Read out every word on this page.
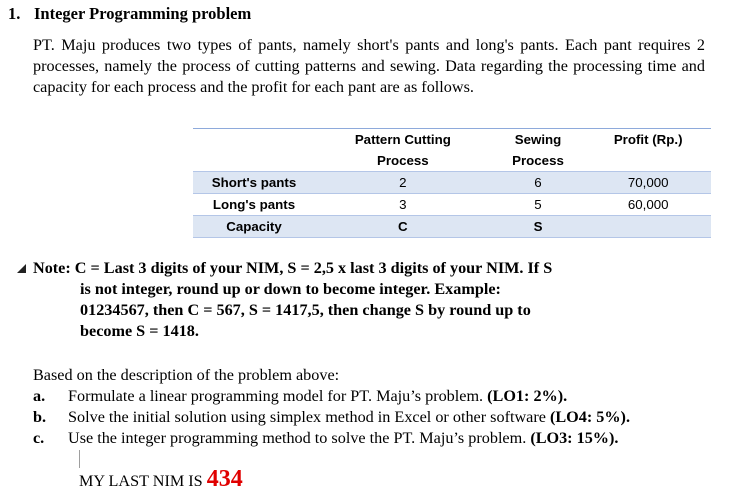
1. Integer Programming problem
PT. Maju produces two types of pants, namely short's pants and long's pants. Each pant requires 2 processes, namely the process of cutting patterns and sewing. Data regarding the processing time and capacity for each process and the profit for each pant are as follows.
	Pattern Cutting	Sewing	Profit (Rp.)
	Process	Process	
Short's pants	2	6	70,000
Long's pants	3	5	60,000
Capacity	C	S	
Note: C = Last 3 digits of your NIM, S = 2,5 x last 3 digits of your NIM. If S
is not integer, round up or down to become integer. Example:
01234567, then C = 567, S = 1417,5, then change S by round up to
become S = 1418.
Based on the description of the problem above:
a.	Formulate a linear programming model for PT. Maju’s problem. (LO1: 2%).
b.	Solve the initial solution using simplex method in Excel or other software (LO4: 5%).
c.	Use the integer programming method to solve the PT. Maju’s problem. (LO3: 15%).
MY LAST NIM IS 434
